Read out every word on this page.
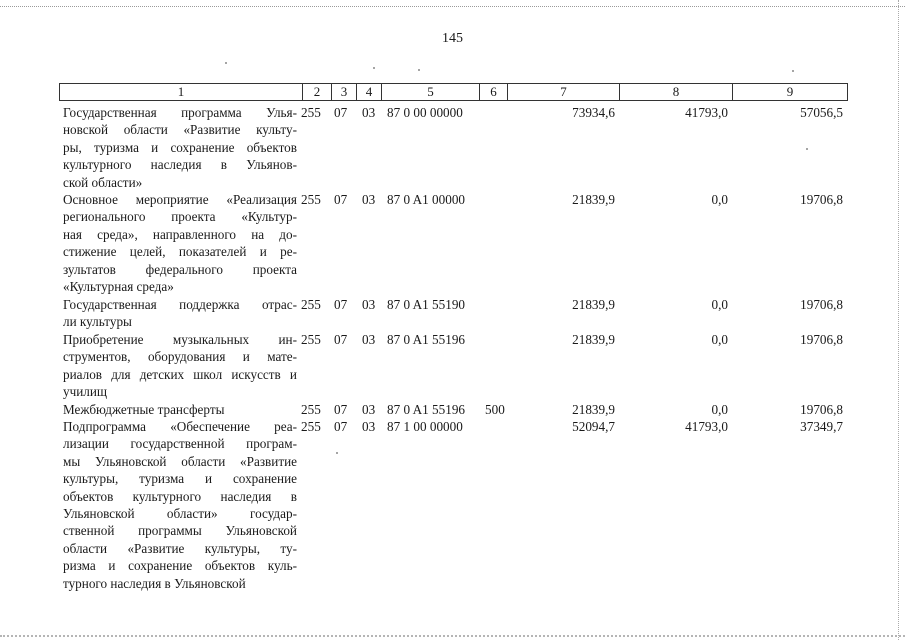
145
1	2	3	4	5	6	7	8	9
Государственная программа Улья-
новской области «Развитие культу-
ры, туризма и сохранение объектов
культурного наследия в Ульянов-
ской области»
255 07 03 87 0 00 00000	73934,6	41793,0	57056,5
Основное мероприятие «Реализация
регионального проекта «Культур-
ная среда», направленного на до-
стижение целей, показателей и ре-
зультатов федерального проекта
«Культурная среда»
255 07 03 87 0 A1 00000	21839,9	0,0	19706,8
Государственная поддержка отрас-
ли культуры
255 07 03 87 0 A1 55190	21839,9	0,0	19706,8
Приобретение музыкальных ин-
струментов, оборудования и мате-
риалов для детских школ искусств и
училищ
255 07 03 87 0 A1 55196	21839,9	0,0	19706,8
Межбюджетные трансферты	255 07 03 87 0 A1 55196 500	21839,9	0,0	19706,8
Подпрограмма «Обеспечение реа-
лизации государственной програм-
мы Ульяновской области «Развитие
культуры, туризма и сохранение
объектов культурного наследия в
Ульяновской области» государ-
ственной программы Ульяновской
области «Развитие культуры, ту-
ризма и сохранение объектов куль-
турного наследия в Ульяновской
255 07 03 87 1 00 00000	52094,7	41793,0	37349,7
